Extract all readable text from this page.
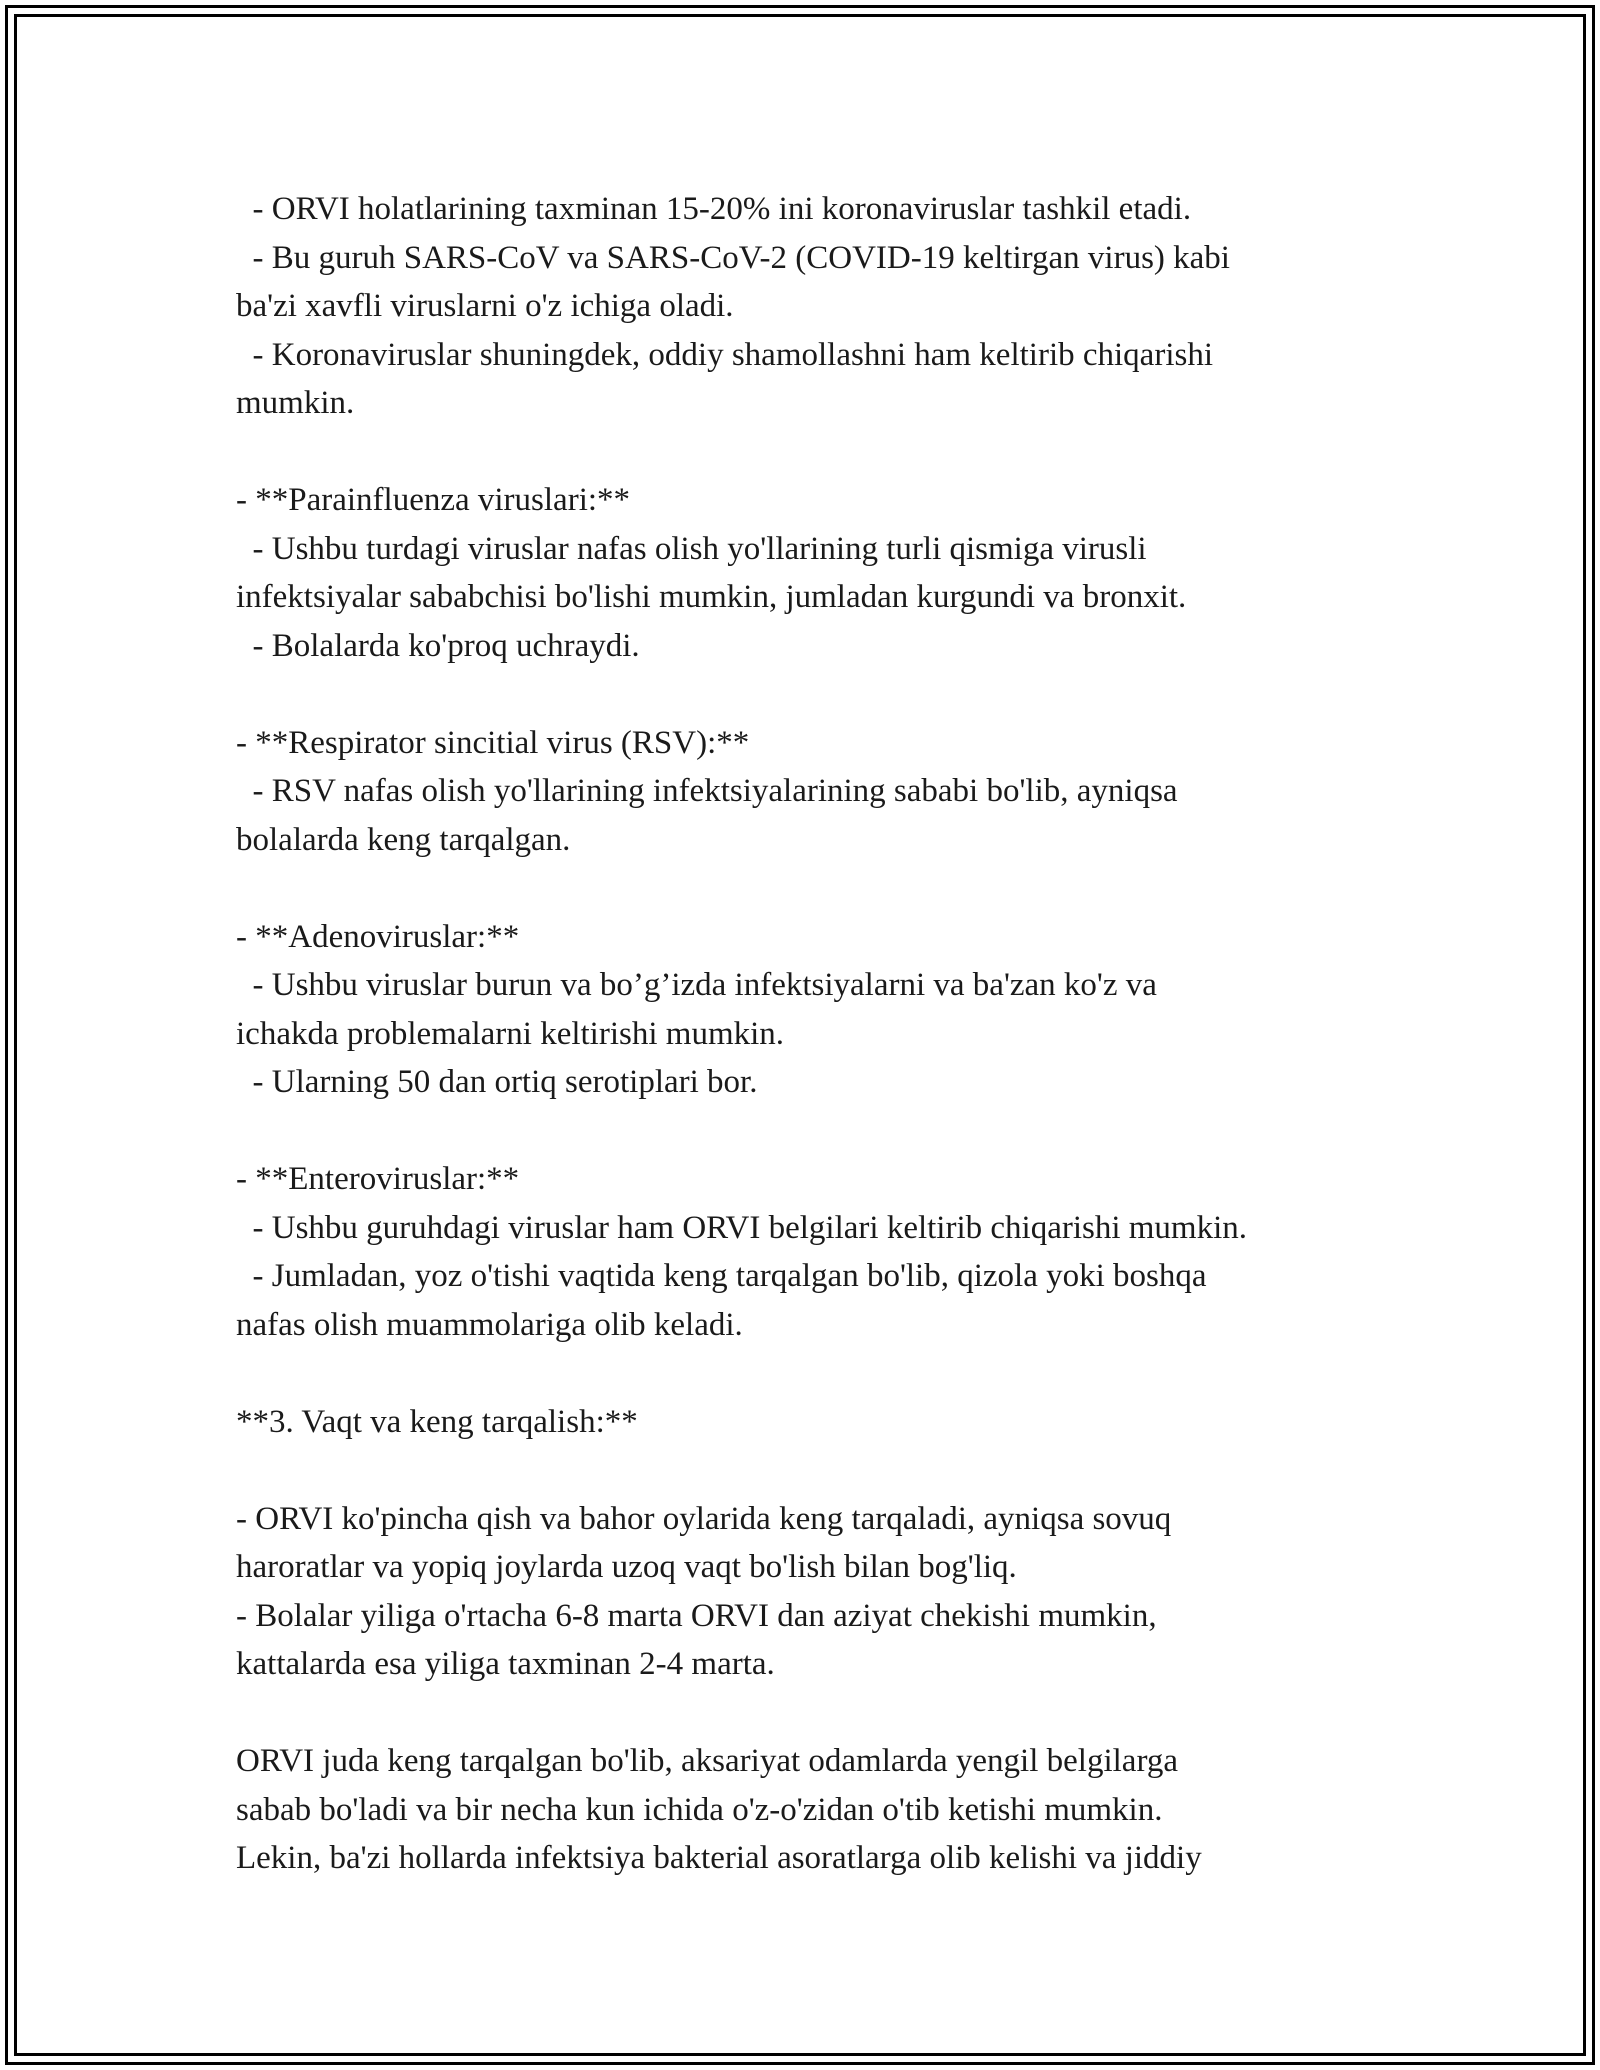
- ORVI holatlarining taxminan 15-20% ini koronaviruslar tashkil etadi.
- Bu guruh SARS-CoV va SARS-CoV-2 (COVID-19 keltirgan virus) kabi
ba'zi xavfli viruslarni o'z ichiga oladi.
- Koronaviruslar shuningdek, oddiy shamollashni ham keltirib chiqarishi
mumkin.
- **Parainfluenza viruslari:**
- Ushbu turdagi viruslar nafas olish yo'llarining turli qismiga virusli
infektsiyalar sababchisi bo'lishi mumkin, jumladan kurgundi va bronxit.
- Bolalarda ko'proq uchraydi.
- **Respirator sincitial virus (RSV):**
- RSV nafas olish yo'llarining infektsiyalarining sababi bo'lib, ayniqsa
bolalarda keng tarqalgan.
- **Adenoviruslar:**
- Ushbu viruslar burun va bo’g’izda infektsiyalarni va ba'zan ko'z va
ichakda problemalarni keltirishi mumkin.
- Ularning 50 dan ortiq serotiplari bor.
- **Enteroviruslar:**
- Ushbu guruhdagi viruslar ham ORVI belgilari keltirib chiqarishi mumkin.
- Jumladan, yoz o'tishi vaqtida keng tarqalgan bo'lib, qizola yoki boshqa
nafas olish muammolariga olib keladi.
**3. Vaqt va keng tarqalish:**
- ORVI ko'pincha qish va bahor oylarida keng tarqaladi, ayniqsa sovuq
haroratlar va yopiq joylarda uzoq vaqt bo'lish bilan bog'liq.
- Bolalar yiliga o'rtacha 6-8 marta ORVI dan aziyat chekishi mumkin,
kattalarda esa yiliga taxminan 2-4 marta.
ORVI juda keng tarqalgan bo'lib, aksariyat odamlarda yengil belgilarga
sabab bo'ladi va bir necha kun ichida o'z-o'zidan o'tib ketishi mumkin.
Lekin, ba'zi hollarda infektsiya bakterial asoratlarga olib kelishi va jiddiy
